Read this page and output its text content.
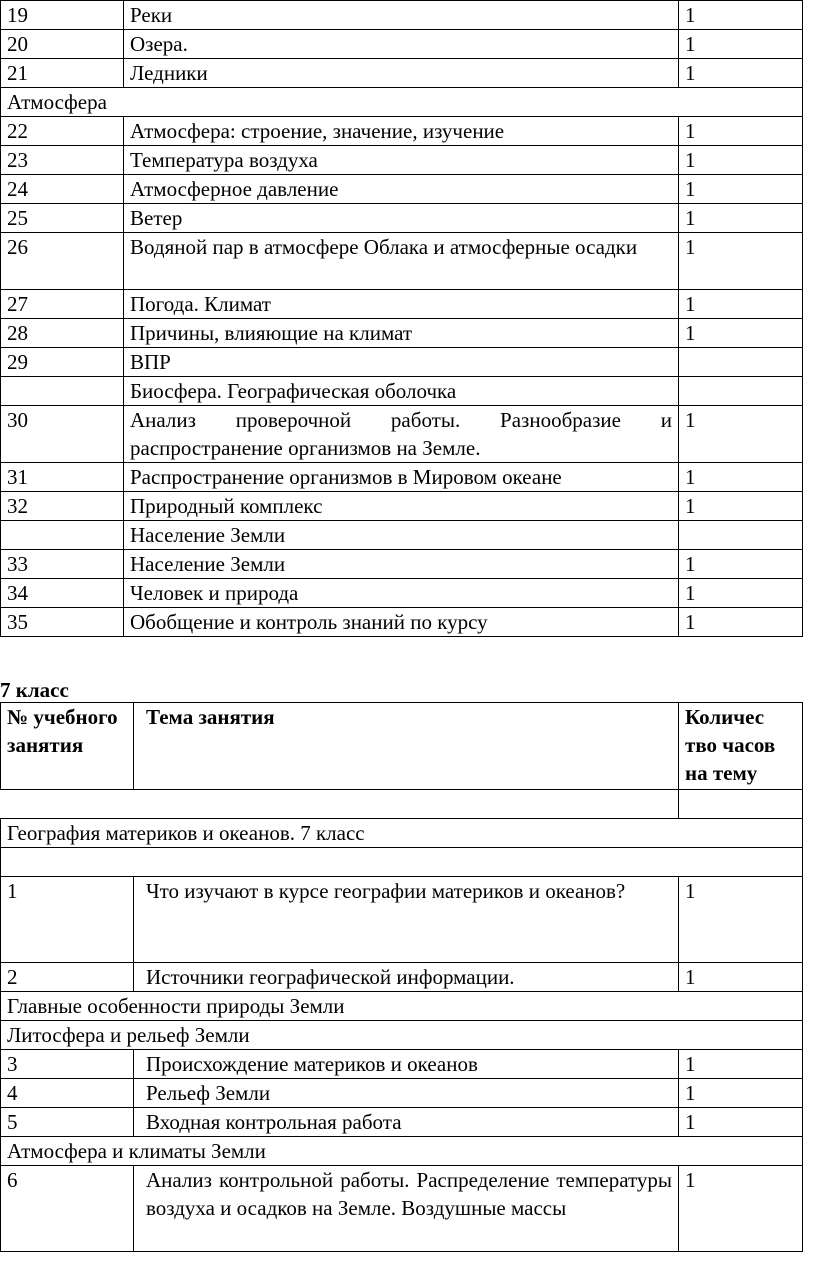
19	Реки	1
20	Озера.	1
21	Ледники	1
Атмосфера		
22	Атмосфера: строение, значение, изучение	1
23	Температура воздуха	1
24	Атмосферное давление	1
25	Ветер	1
26	Водяной пар в атмосфере Облака и атмосферные осадки	1
27	Погода. Климат	1
28	Причины, влияющие на климат	1
29	ВПР	
	Биосфера. Географическая оболочка	
30	Анализ проверочной работы. Разнообразие и распространение организмов на Земле.	1
31	Распространение организмов в Мировом океане	1
32	Природный комплекс	1
	Население Земли	
33	Население Земли	1
34	Человек и природа	1
35	Обобщение и контроль знаний по курсу	1
7 класс
№ учебного занятия	Тема занятия	Количес тво часов на тему

География материков и океанов. 7 класс		

1	Что изучают в курсе географии материков и океанов?	1
2	Источники географической информации.	1
Главные особенности природы Земли		
Литосфера и рельеф Земли		
3	Происхождение материков и океанов	1
4	Рельеф Земли	1
5	Входная контрольная работа	1
Атмосфера и климаты Земли		
6	Анализ контрольной работы. Распределение температуры воздуха и осадков на Земле. Воздушные массы	1
